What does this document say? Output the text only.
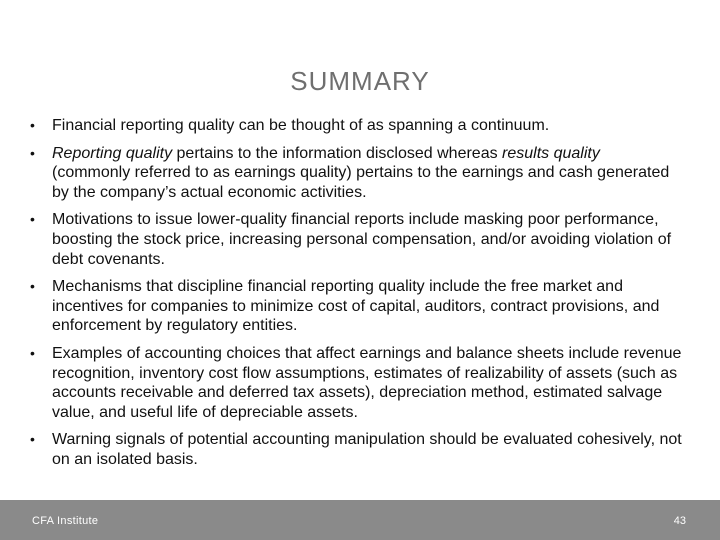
SUMMARY
• Financial reporting quality can be thought of as spanning a continuum.
• Reporting quality pertains to the information disclosed whereas results quality (commonly referred to as earnings quality) pertains to the earnings and cash generated by the company’s actual economic activities.
• Motivations to issue lower-quality financial reports include masking poor performance, boosting the stock price, increasing personal compensation, and/or avoiding violation of debt covenants.
• Mechanisms that discipline financial reporting quality include the free market and incentives for companies to minimize cost of capital, auditors, contract provisions, and enforcement by regulatory entities.
• Examples of accounting choices that affect earnings and balance sheets include revenue recognition, inventory cost flow assumptions, estimates of realizability of assets (such as accounts receivable and deferred tax assets), depreciation method, estimated salvage value, and useful life of depreciable assets.
• Warning signals of potential accounting manipulation should be evaluated cohesively, not on an isolated basis.
CFA Institute	43
